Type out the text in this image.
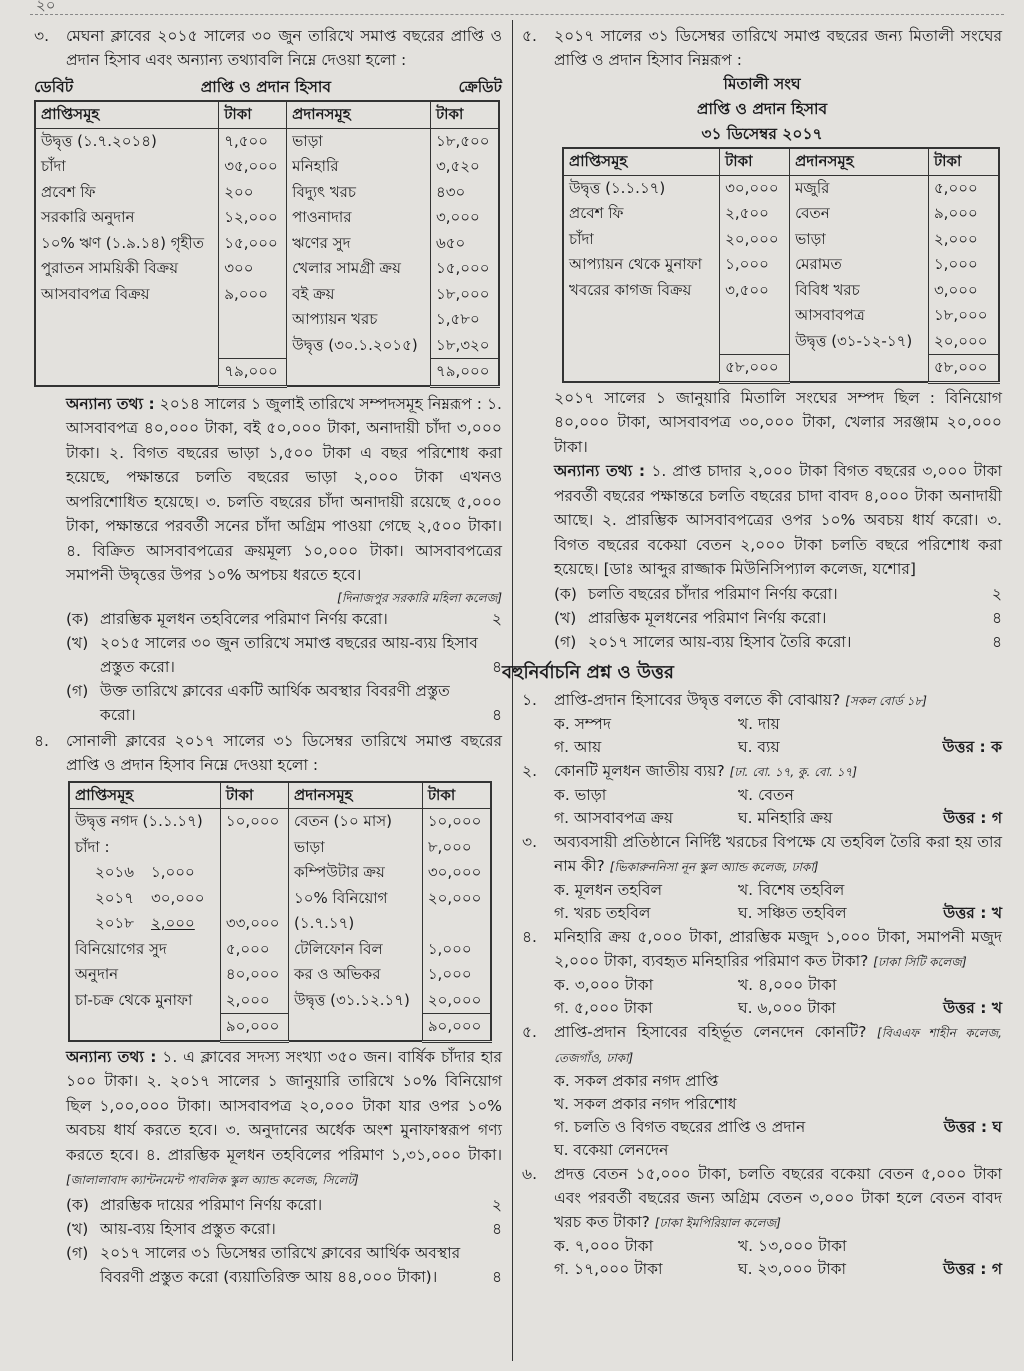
২০
৩.	মেঘনা ক্লাবের ২০১৫ সালের ৩০ জুন তারিখে সমাপ্ত বছরের প্রাপ্তি ও প্রদান হিসাব এবং অন্যান্য তথ্যাবলি নিম্নে দেওয়া হলো :
ডেবিট	প্রাপ্তি ও প্রদান হিসাব	ক্রেডিট
প্রাপ্তিসমূহ	টাকা	প্রদানসমূহ	টাকা
উদ্বৃত্ত (১.৭.২০১৪)	৭,৫০০	ভাড়া	১৮,৫০০
চাঁদা	৩৫,০০০	মনিহারি	৩,৫২০
প্রবেশ ফি	২০০	বিদ্যুৎ খরচ	৪৩০
সরকারি অনুদান	১২,০০০	পাওনাদার	৩,০০০
১০% ঋণ (১.৯.১৪) গৃহীত	১৫,০০০	ঋণের সুদ	৬৫০
পুরাতন সাময়িকী বিক্রয়	৩০০	খেলার সামগ্রী ক্রয়	১৫,০০০
আসবাবপত্র বিক্রয়	৯,০০০	বই ক্রয়	১৮,০০০
		আপ্যায়ন খরচ	১,৫৮০
		উদ্বৃত্ত (৩০.১.২০১৫)	১৮,৩২০
	৭৯,০০০		৭৯,০০০

অন্যান্য তথ্য : ২০১৪ সালের ১ জুলাই তারিখে সম্পদসমূহ নিম্নরূপ : ১. আসবাবপত্র ৪০,০০০ টাকা, বই ৫০,০০০ টাকা, অনাদায়ী চাঁদা ৩,০০০ টাকা। ২. বিগত বছরের ভাড়া ১,৫০০ টাকা এ বছর পরিশোধ করা হয়েছে, পক্ষান্তরে চলতি বছরের ভাড়া ২,০০০ টাকা এখনও অপরিশোধিত হয়েছে। ৩. চলতি বছরের চাঁদা অনাদায়ী রয়েছে ৫,০০০ টাকা, পক্ষান্তরে পরবর্তী সনের চাঁদা অগ্রিম পাওয়া গেছে ২,৫০০ টাকা। ৪. বিক্রিত আসবাবপত্রের ক্রয়মূল্য ১০,০০০ টাকা। আসবাবপত্রের সমাপনী উদ্বৃত্তের উপর ১০% অপচয় ধরতে হবে।

[দিনাজপুর সরকারি মহিলা কলেজ]

(ক) প্রারম্ভিক মূলধন তহবিলের পরিমাণ নির্ণয় করো।	২
(খ) ২০১৫ সালের ৩০ জুন তারিখে সমাপ্ত বছরের আয়-ব্যয় হিসাব প্রস্তুত করো।	৪
(গ) উক্ত তারিখে ক্লাবের একটি আর্থিক অবস্থার বিবরণী প্রস্তুত করো।	৪
৪.	সোনালী ক্লাবের ২০১৭ সালের ৩১ ডিসেম্বর তারিখে সমাপ্ত বছরের প্রাপ্তি ও প্রদান হিসাব নিম্নে দেওয়া হলো :
প্রাপ্তিসমূহ	টাকা	প্রদানসমূহ	টাকা
উদ্বৃত্ত নগদ (১.১.১৭)	১০,০০০	বেতন (১০ মাস)	১০,০০০
চাঁদা :		ভাড়া	৮,০০০
২০১৬ ১,০০০		কম্পিউটার ক্রয়	৩০,০০০
২০১৭ ৩০,০০০		১০% বিনিয়োগ	২০,০০০
২০১৮ ২,০০০	৩৩,০০০	(১.৭.১৭)	
বিনিয়োগের সুদ	৫,০০০	টেলিফোন বিল	১,০০০
অনুদান	৪০,০০০	কর ও অভিকর	১,০০০
চা-চক্র থেকে মুনাফা	২,০০০	উদ্বৃত্ত (৩১.১২.১৭)	২০,০০০
	৯০,০০০		৯০,০০০

অন্যান্য তথ্য : ১. এ ক্লাবের সদস্য সংখ্যা ৩৫০ জন। বার্ষিক চাঁদার হার ১০০ টাকা। ২. ২০১৭ সালের ১ জানুয়ারি তারিখে ১০% বিনিয়োগ ছিল ১,০০,০০০ টাকা। আসবাবপত্র ২০,০০০ টাকা যার ওপর ১০% অবচয় ধার্য করতে হবে। ৩. অনুদানের অর্ধেক অংশ মুনাফাস্বরূপ গণ্য করতে হবে। ৪. প্রারম্ভিক মূলধন তহবিলের পরিমাণ ১,৩১,০০০ টাকা। [জালালাবাদ ক্যান্টনমেন্ট পাবলিক স্কুল অ্যান্ড কলেজ, সিলেট]

(ক) প্রারম্ভিক দায়ের পরিমাণ নির্ণয় করো।	২
(খ) আয়-ব্যয় হিসাব প্রস্তুত করো।	৪
(গ) ২০১৭ সালের ৩১ ডিসেম্বর তারিখে ক্লাবের আর্থিক অবস্থার বিবরণী প্রস্তুত করো (ব্যয়াতিরিক্ত আয় ৪৪,০০০ টাকা)।	৪
৫.	২০১৭ সালের ৩১ ডিসেম্বর তারিখে সমাপ্ত বছরের জন্য মিতালী সংঘের প্রাপ্তি ও প্রদান হিসাব নিম্নরূপ :

মিতালী সংঘ

প্রাপ্তি ও প্রদান হিসাব

৩১ ডিসেম্বর ২০১৭

প্রাপ্তিসমূহ	টাকা	প্রদানসমূহ	টাকা
উদ্বৃত্ত (১.১.১৭)	৩০,০০০	মজুরি	৫,০০০
প্রবেশ ফি	২,৫০০	বেতন	৯,০০০
চাঁদা	২০,০০০	ভাড়া	২,০০০
আপ্যায়ন থেকে মুনাফা	১,০০০	মেরামত	১,০০০
খবরের কাগজ বিক্রয়	৩,৫০০	বিবিধ খরচ	৩,০০০
		আসবাবপত্র	১৮,০০০
		উদ্বৃত্ত (৩১-১২-১৭)	২০,০০০
	৫৮,০০০		৫৮,০০০

২০১৭ সালের ১ জানুয়ারি মিতালি সংঘের সম্পদ ছিল : বিনিয়োগ ৪০,০০০ টাকা, আসবাবপত্র ৩০,০০০ টাকা, খেলার সরঞ্জাম ২০,০০০ টাকা।

অন্যান্য তথ্য : ১. প্রাপ্ত চাদার ২,০০০ টাকা বিগত বছরের ৩,০০০ টাকা পরবর্তী বছরের পক্ষান্তরে চলতি বছরের চাদা বাবদ ৪,০০০ টাকা অনাদায়ী আছে। ২. প্রারম্ভিক আসবাবপত্রের ওপর ১০% অবচয় ধার্য করো। ৩. বিগত বছরের বকেয়া বেতন ২,০০০ টাকা চলতি বছরে পরিশোধ করা হয়েছে। [ডাঃ আব্দুর রাজ্জাক মিউনিসিপ্যাল কলেজ, যশোর]

(ক) চলতি বছরের চাঁদার পরিমাণ নির্ণয় করো।	২
(খ) প্রারম্ভিক মূলধনের পরিমাণ নির্ণয় করো।	৪
(গ) ২০১৭ সালের আয়-ব্যয় হিসাব তৈরি করো।	৪
বহুনির্বাচনি প্রশ্ন ও উত্তর
১.	প্রাপ্তি-প্রদান হিসাবের উদ্বৃত্ত বলতে কী বোঝায়? [সকল বোর্ড ১৮]
ক. সম্পদ	খ. দায়
গ. আয়	ঘ. ব্যয়	উত্তর : ক
২.	কোনটি মূলধন জাতীয় ব্যয়? [ঢা. বো. ১৭, কু. বো. ১৭]
ক. ভাড়া	খ. বেতন
গ. আসবাবপত্র ক্রয়	ঘ. মনিহারি ক্রয়	উত্তর : গ
৩.	অব্যবসায়ী প্রতিষ্ঠানে নির্দিষ্ট খরচের বিপক্ষে যে তহবিল তৈরি করা হয় তার নাম কী? [ভিকারুননিসা নূন স্কুল অ্যান্ড কলেজ, ঢাকা]
ক. মূলধন তহবিল	খ. বিশেষ তহবিল
গ. খরচ তহবিল	ঘ. সঞ্চিত তহবিল	উত্তর : খ
৪.	মনিহারি ক্রয় ৫,০০০ টাকা, প্রারম্ভিক মজুদ ১,০০০ টাকা, সমাপনী মজুদ ২,০০০ টাকা, ব্যবহৃত মনিহারির পরিমাণ কত টাকা? [ঢাকা সিটি কলেজ]
ক. ৩,০০০ টাকা	খ. ৪,০০০ টাকা
গ. ৫,০০০ টাকা	ঘ. ৬,০০০ টাকা	উত্তর : খ
৫.	প্রাপ্তি-প্রদান হিসাবের বহির্ভূত লেনদেন কোনটি? [বিএএফ শাহীন কলেজ, তেজগাঁও, ঢাকা]
ক. সকল প্রকার নগদ প্রাপ্তি
খ. সকল প্রকার নগদ পরিশোধ
গ. চলতি ও বিগত বছরের প্রাপ্তি ও প্রদান	উত্তর : ঘ
ঘ. বকেয়া লেনদেন
৬.	প্রদত্ত বেতন ১৫,০০০ টাকা, চলতি বছরের বকেয়া বেতন ৫,০০০ টাকা এবং পরবর্তী বছরের জন্য অগ্রিম বেতন ৩,০০০ টাকা হলে বেতন বাবদ খরচ কত টাকা? [ঢাকা ইমপিরিয়াল কলেজ]
ক. ৭,০০০ টাকা	খ. ১৩,০০০ টাকা
গ. ১৭,০০০ টাকা	ঘ. ২৩,০০০ টাকা	উত্তর : গ
